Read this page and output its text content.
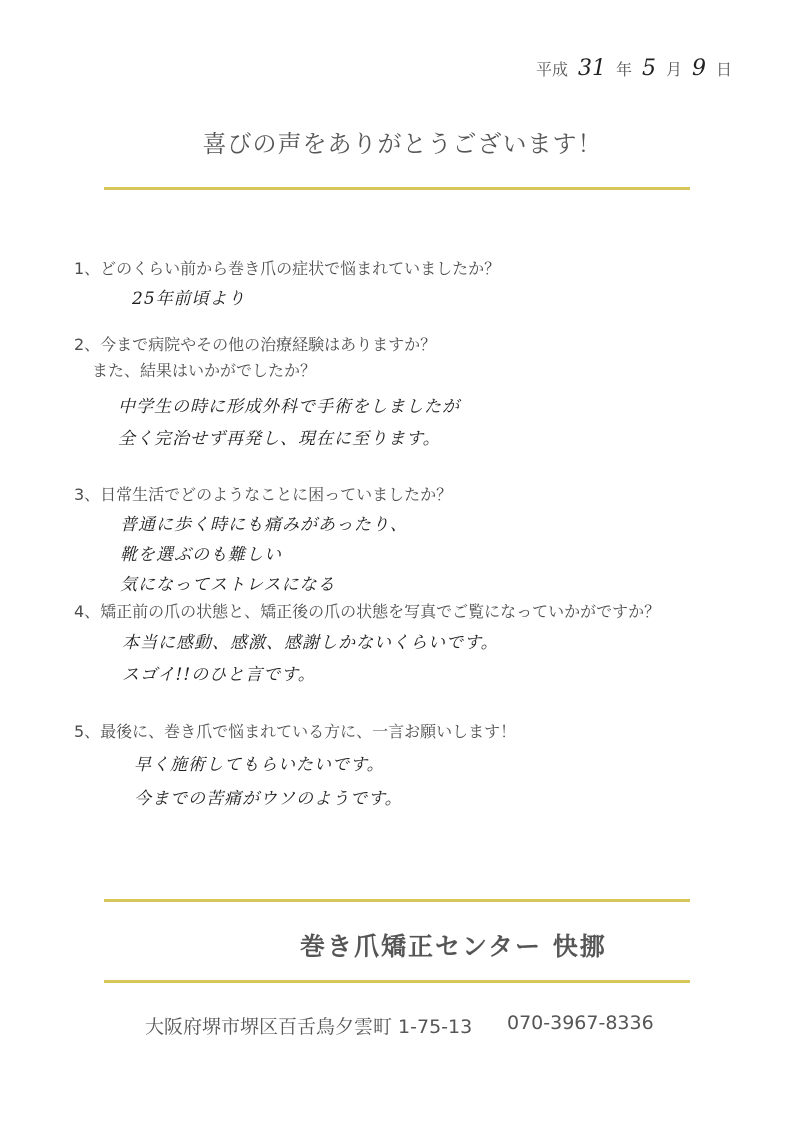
平成 31 年 5 月 9 日
喜びの声をありがとうございます！
1、どのくらい前から巻き爪の症状で悩まれていましたか？
25年前頃より
2、今まで病院やその他の治療経験はありますか？
また、結果はいかがでしたか？
中学生の時に形成外科で手術をしましたが
全く完治せず再発し、現在に至ります。
3、日常生活でどのようなことに困っていましたか？
普通に歩く時にも痛みがあったり、
靴を選ぶのも難しい
気になってストレスになる
4、矯正前の爪の状態と、矯正後の爪の状態を写真でご覧になっていかがですか？
本当に感動、感激、感謝しかないくらいです。
スゴイ!!のひと言です。
5、最後に、巻き爪で悩まれている方に、一言お願いします！
早く施術してもらいたいです。
今までの苦痛がウソのようです。
巻き爪矯正センター 快挪
大阪府堺市堺区百舌鳥夕雲町 1-75-13 070-3967-8336
